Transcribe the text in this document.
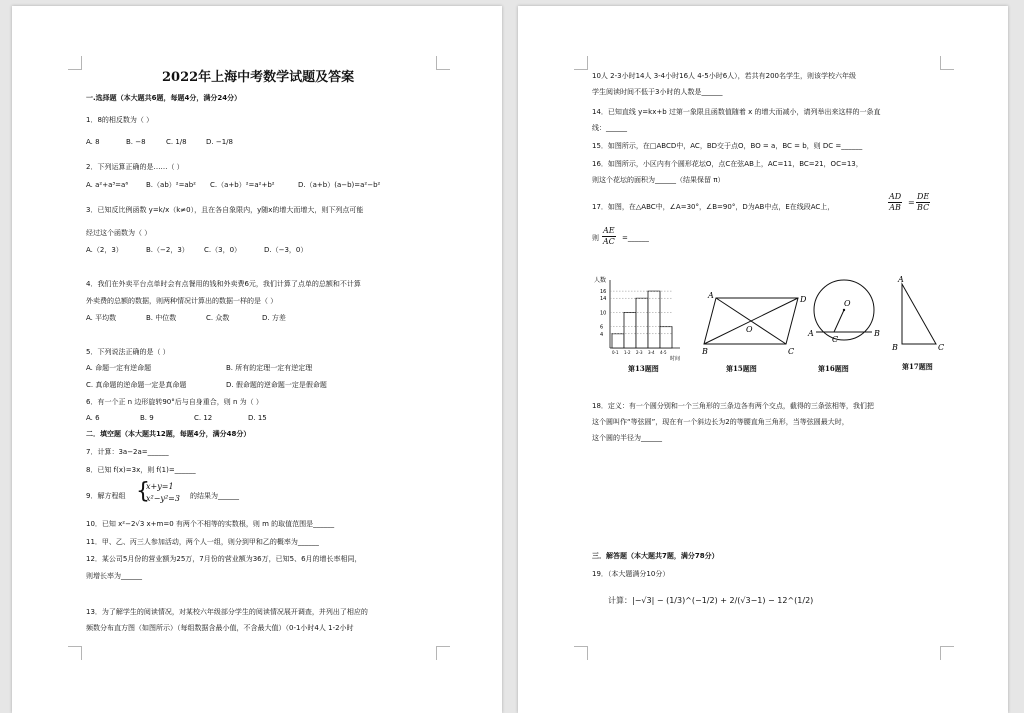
2022年上海中考数学试题及答案
一.选择题（本大题共6题，每题4分，满分24分）
1．8的相反数为（ ）
A. 8	B. −8	C. 1/8	D. −1/8
2．下列运算正确的是……（ ）
A. a²+a³=a⁶	B.（ab）²=ab² C.（a+b）²=a²+b²	D.（a+b）(a−b)=a²−b²
3．已知反比例函数 y=k/x（k≠0），且在各自象限内，y随x的增大而增大，则下列点可能
经过这个函数为（ ）
A.（2，3）	B.（−2，3） C.（3，0）	D.（−3，0）
4．我们在外卖平台点单时会有点餐用的钱和外卖费6元，我们计算了点单的总额和不计算
外卖费的总额的数据，则两种情况计算出的数据一样的是（ ）
A. 平均数	B. 中位数	C. 众数	D. 方差
5．下列说法正确的是（ ）
A. 命题一定有逆命题	B. 所有的定理一定有逆定理
C. 真命题的逆命题一定是真命题	D. 假命题的逆命题一定是假命题
6．有一个正 n 边形旋转90°后与自身重合，则 n 为（ ）
A. 6	B. 9	C. 12	D. 15
二．填空题（本大题共12题，每题4分，满分48分）
7．计算：3a−2a=______
8．已知 f(x)=3x，则 f(1)=______
9．解方程组 {
x+y=1
x²−y²=3 的结果为______
10．已知 x²−2√3 x+m=0 有两个不相等的实数根，则 m 的取值范围是______
11．甲、乙、丙三人参加活动，两个人一组，则分到甲和乙的概率为______
12．某公司5月份的营业额为25万，7月份的营业额为36万，已知5、6月的增长率相同，
则增长率为______
13．为了解学生的阅读情况，对某校六年级部分学生的阅读情况展开调查，并列出了相应的
频数分布直方图（如图所示）（每组数据含最小值，不含最大值）（0-1小时4人 1-2小时
10人 2-3小时14人 3-4小时16人 4-5小时6人），若共有200名学生，则该学校六年级
学生阅读时间不低于3小时的人数是______
14．已知直线 y=kx+b 过第一象限且函数值随着 x 的增大而减小，请列举出来这样的一条直
线：______
15．如图所示，在□ABCD中，AC，BD交于点O，BO = a，BC = b，则 DC =______
16．如图所示，小区内有个圆形花坛O，点C在弦AB上，AC=11，BC=21，OC=13，
则这个花坛的面积为______（结果保留 π）
17．如图，在△ABC中，∠A=30°，∠B=90°，D为AB中点，E在线段AC上，	$\frac{AD}{AB} = \frac{DE}{BC}$
则 $\frac{AE}{AC}$ =______
人数
时间
4
6
10
14
16
0-1 1-2 2-3 3-4 4-5
第13题图
A
B	C
D
O
第15题图
O
A
C
B
第16题图
A
B	C
第17题图
18．定义：有一个圆分别和一个三角形的三条边各有两个交点，截得的三条弦相等，我们把
这个圆叫作“等弦圆”，现在有一个斜边长为2的等腰直角三角形，当等弦圆最大时，
这个圆的半径为______
三．解答题（本大题共7题，满分78分）
19．（本大题满分10分）
计算：|−√3| − (1/3)^(−1/2) + 2/(√3−1) − 12^(1/2)
